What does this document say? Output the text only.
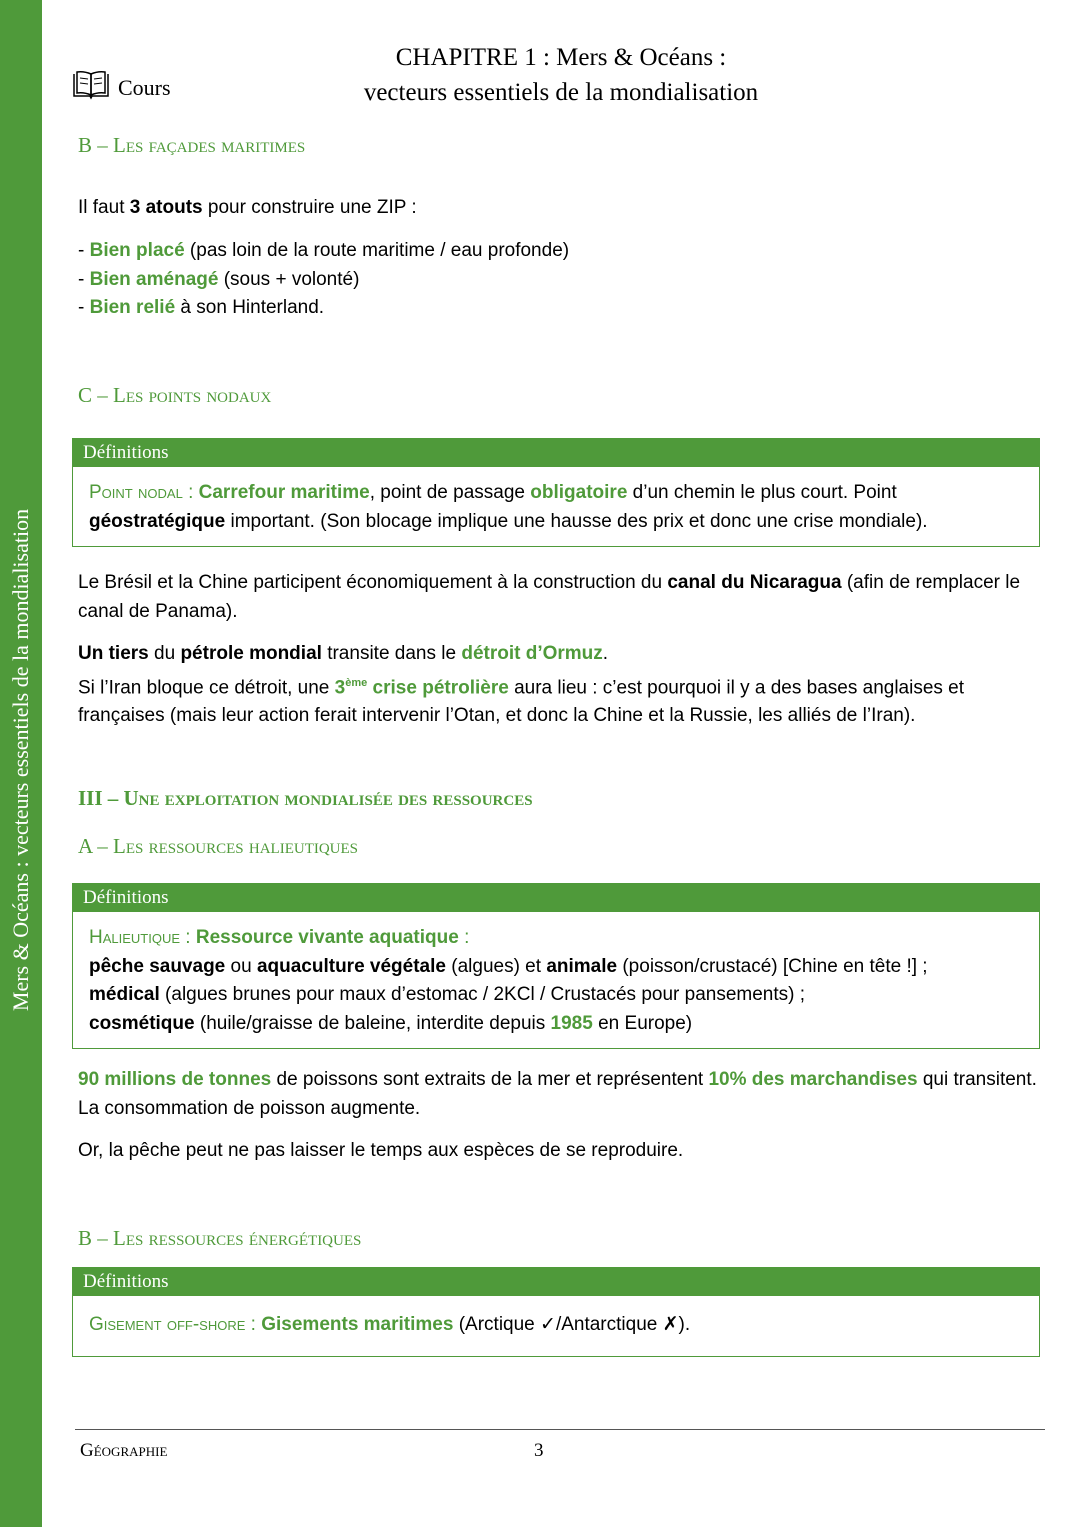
Mers & Océans : vecteurs essentiels de la mondialisation
Cours
CHAPITRE 1 : Mers & Océans :
vecteurs essentiels de la mondialisation
B – Les façades maritimes
Il faut 3 atouts pour construire une ZIP :
- Bien placé (pas loin de la route maritime / eau profonde)
- Bien aménagé (sous + volonté)
- Bien relié à son Hinterland.
C – Les points nodaux
Définitions
Point nodal : Carrefour maritime, point de passage obligatoire d’un chemin le plus court. Point géostratégique important. (Son blocage implique une hausse des prix et donc une crise mondiale).
Le Brésil et la Chine participent économiquement à la construction du canal du Nicaragua (afin de remplacer le canal de Panama).
Un tiers du pétrole mondial transite dans le détroit d’Ormuz.
Si l’Iran bloque ce détroit, une 3ème crise pétrolière aura lieu : c’est pourquoi il y a des bases anglaises et françaises (mais leur action ferait intervenir l’Otan, et donc la Chine et la Russie, les alliés de l’Iran).
III – Une exploitation mondialisée des ressources
A – Les ressources halieutiques
Définitions
Halieutique : Ressource vivante aquatique :
pêche sauvage ou aquaculture végétale (algues) et animale (poisson/crustacé) [Chine en tête !] ;
médical (algues brunes pour maux d’estomac / 2KCl / Crustacés pour pansements) ;
cosmétique (huile/graisse de baleine, interdite depuis 1985 en Europe)
90 millions de tonnes de poissons sont extraits de la mer et représentent 10% des marchandises qui transitent. La consommation de poisson augmente.
Or, la pêche peut ne pas laisser le temps aux espèces de se reproduire.
B – Les ressources énergétiques
Définitions
Gisement off-shore : Gisements maritimes (Arctique ✓/Antarctique ✗).
Géographie	3
